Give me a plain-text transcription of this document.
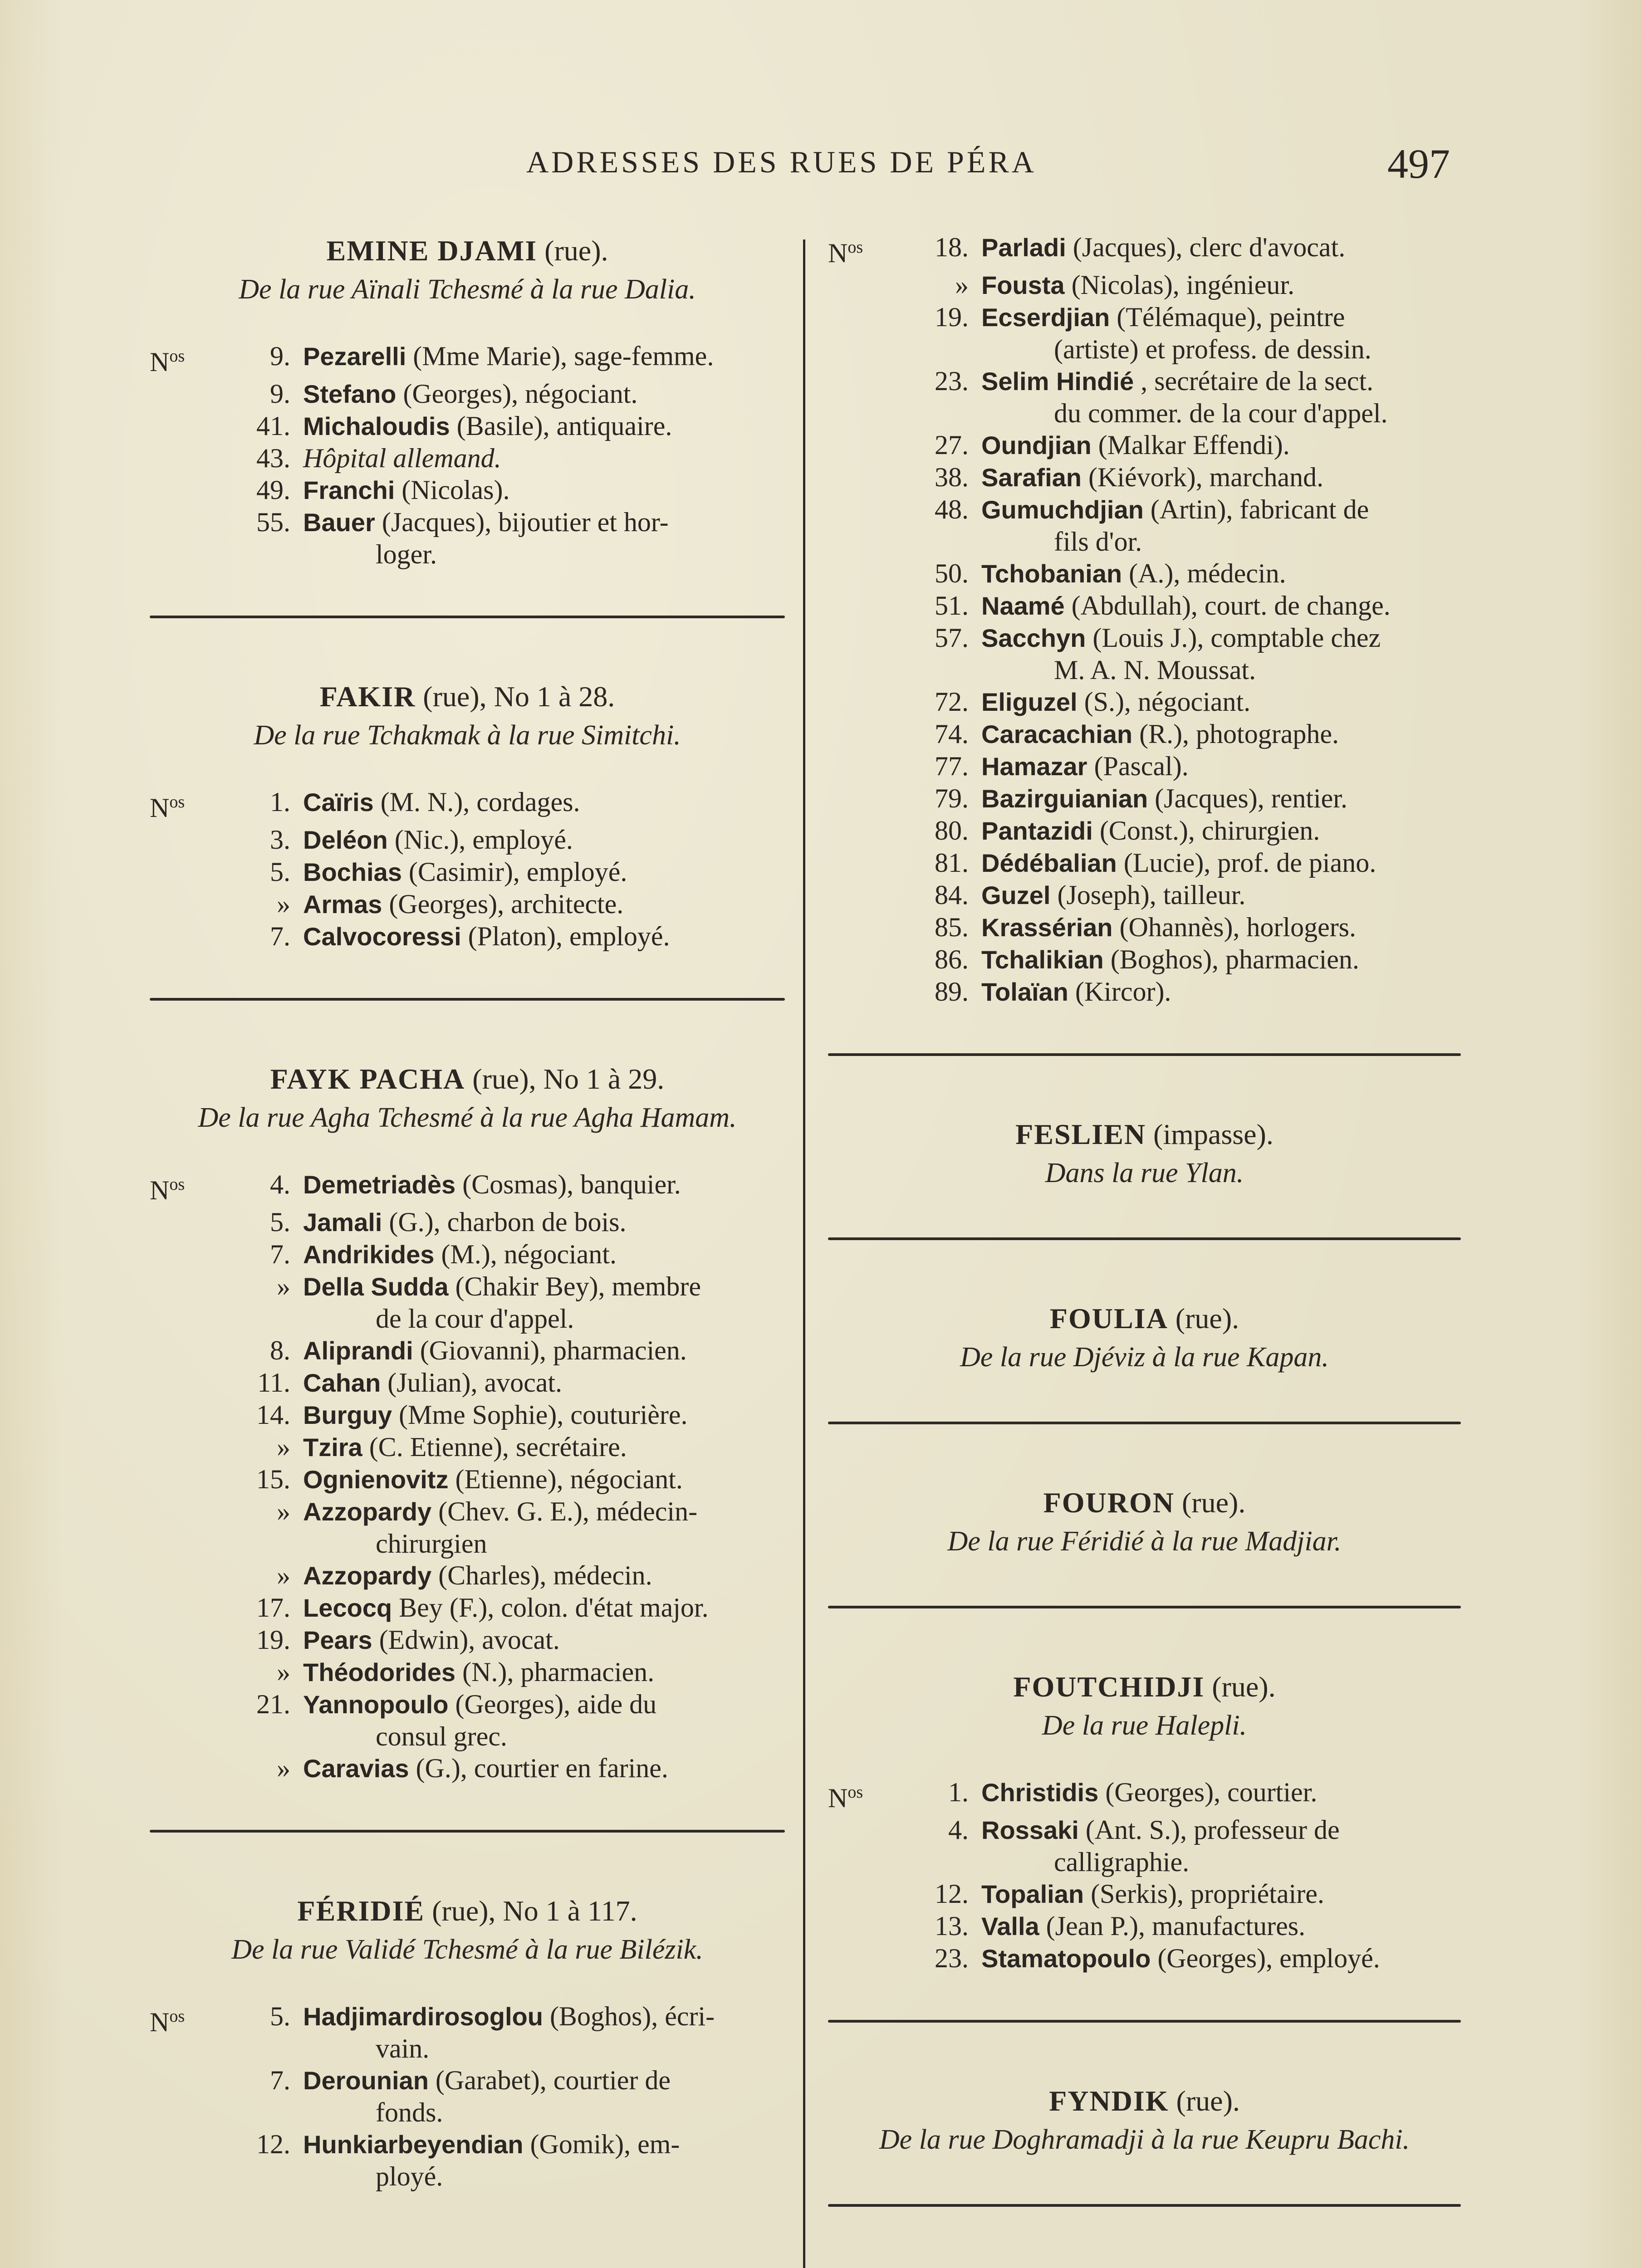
ADRESSES DES RUES DE PÉRA	497

EMINE DJAMI (rue).

De la rue Aïnali Tchesmé à la rue Dalia.

$N^{os}$	9. Pezarelli (Mme Marie), sage-femme.
9. Stefano (Georges), négociant.
41. Michaloudis (Basile), antiquaire.
43. Hôpital allemand.
49. Franchi (Nicolas).
55. Bauer (Jacques), bijoutier et hor-
loger.

FAKIR (rue), No 1 à 28.

De la rue Tchakmak à la rue Simitchi.

$N^{os}$	1. Caïris (M. N.), cordages.
3. Deléon (Nic.), employé.
5. Bochias (Casimir), employé.
» Armas (Georges), architecte.
7. Calvocoressi (Platon), employé.

FAYK PACHA (rue), No 1 à 29.

De la rue Agha Tchesmé à la rue Agha Hamam.

$N^{os}$	4. Demetriadès (Cosmas), banquier.
5. Jamali (G.), charbon de bois.
7. Andrikides (M.), négociant.
» Della Sudda (Chakir Bey), membre
de la cour d'appel.
8. Aliprandi (Giovanni), pharmacien.
11. Cahan (Julian), avocat.
14. Burguy (Mme Sophie), couturière.
» Tzira (C. Etienne), secrétaire.
15. Ognienovitz (Etienne), négociant.
» Azzopardy (Chev. G. E.), médecin-
chirurgien
» Azzopardy (Charles), médecin.
17. Lecocq Bey (F.), colon. d'état major.
19. Pears (Edwin), avocat.
» Théodorides (N.), pharmacien.
21. Yannopoulo (Georges), aide du
consul grec.
» Caravias (G.), courtier en farine.

FÉRIDIÉ (rue), No 1 à 117.

De la rue Validé Tchesmé à la rue Bilézik.

$N^{os}$	5. Hadjimardirosoglou (Boghos), écri-
vain.
7. Derounian (Garabet), courtier de
fonds.
12. Hunkiarbeyendian (Gomik), em-
ployé.
$N^{os}$	18. Parladi (Jacques), clerc d'avocat.
» Fousta (Nicolas), ingénieur.
19. Ecserdjian (Télémaque), peintre
(artiste) et profess. de dessin.
23. Selim Hindié , secrétaire de la sect.
du commer. de la cour d'appel.
27. Oundjian (Malkar Effendi).
38. Sarafian (Kiévork), marchand.
48. Gumuchdjian (Artin), fabricant de
fils d'or.
50. Tchobanian (A.), médecin.
51. Naamé (Abdullah), court. de change.
57. Sacchyn (Louis J.), comptable chez
M. A. N. Moussat.
72. Eliguzel (S.), négociant.
74. Caracachian (R.), photographe.
77. Hamazar (Pascal).
79. Bazirguianian (Jacques), rentier.
80. Pantazidi (Const.), chirurgien.
81. Dédébalian (Lucie), prof. de piano.
84. Guzel (Joseph), tailleur.
85. Krassérian (Ohannès), horlogers.
86. Tchalikian (Boghos), pharmacien.
89. Tolaïan (Kircor).

FESLIEN (impasse).

Dans la rue Ylan.

FOULIA (rue).

De la rue Djéviz à la rue Kapan.

FOURON (rue).

De la rue Féridié à la rue Madjiar.

FOUTCHIDJI (rue).

De la rue Halepli.

$N^{os}$	1. Christidis (Georges), courtier.
4. Rossaki (Ant. S.), professeur de
calligraphie.
12. Topalian (Serkis), propriétaire.
13. Valla (Jean P.), manufactures.
23. Stamatopoulo (Georges), employé.

FYNDIK (rue).

De la rue Doghramadji à la rue Keupru Bachi.
